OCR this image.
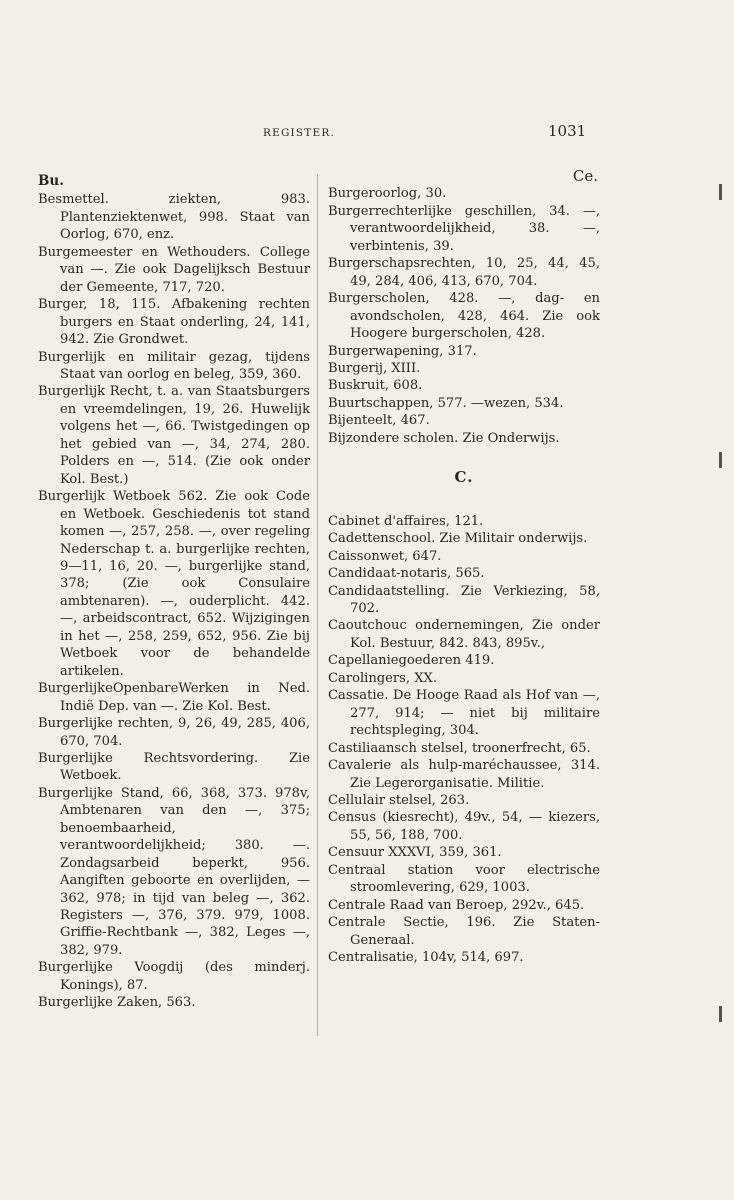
REGISTER.	1031

Bu.

Besmettel. ziekten, 983. Plantenziektenwet, 998. Staat van Oorlog, 670, enz.

Burgemeester en Wethouders. College van —. Zie ook Dagelijksch Bestuur der Gemeente, 717, 720.

Burger, 18, 115. Afbakening rechten burgers en Staat onderling, 24, 141, 942. Zie Grondwet.

Burgerlijk en militair gezag, tijdens Staat van oorlog en beleg, 359, 360.

Burgerlijk Recht, t. a. van Staatsburgers en vreemdelingen, 19, 26. Huwelijk volgens het —, 66. Twistgedingen op het gebied van —, 34, 274, 280. Polders en —, 514. (Zie ook onder Kol. Best.)

Burgerlijk Wetboek 562. Zie ook Code en Wetboek. Geschiedenis tot stand komen —, 257, 258. —, over regeling Nederschap t. a. burgerlijke rechten, 9—11, 16, 20. —, burgerlijke stand, 378; (Zie ook Consulaire ambtenaren). —, ouderplicht. 442. —, arbeidscontract, 652. Wijzigingen in het —, 258, 259, 652, 956. Zie bij Wetboek voor de behandelde artikelen.

BurgerlijkeOpenbareWerken in Ned. Indië Dep. van —. Zie Kol. Best.

Burgerlijke rechten, 9, 26, 49, 285, 406, 670, 704.

Burgerlijke Rechtsvordering. Zie Wetboek.

Burgerlijke Stand, 66, 368, 373. 978v, Ambtenaren van den —, 375; benoembaarheid, verantwoordelijkheid; 380. —. Zondagsarbeid beperkt, 956. Aangiften geboorte en overlijden, — 362, 978; in tijd van beleg —, 362. Registers —, 376, 379. 979, 1008. Griffie-Rechtbank —, 382, Leges —, 382, 979.

Burgerlijke Voogdij (des minderj. Konings), 87.

Burgerlijke Zaken, 563.

Ce.

Burgeroorlog, 30.

Burgerrechterlijke geschillen, 34. —, verantwoordelijkheid, 38. —, verbintenis, 39.

Burgerschapsrechten, 10, 25, 44, 45, 49, 284, 406, 413, 670, 704.

Burgerscholen, 428. —, dag- en avondscholen, 428, 464. Zie ook Hoogere burgerscholen, 428.

Burgerwapening, 317.

Burgerij, XIII.

Buskruit, 608.

Buurtschappen, 577. —wezen, 534.

Bijenteelt, 467.

Bijzondere scholen. Zie Onderwijs.

C.

Cabinet d'affaires, 121.

Cadettenschool. Zie Militair onderwijs.

Caissonwet, 647.

Candidaat-notaris, 565.

Candidaatstelling. Zie Verkiezing, 58, 702.

Caoutchouc ondernemingen, Zie onder Kol. Bestuur, 842. 843, 895v.,

Capellaniegoederen 419.

Carolingers, XX.

Cassatie. De Hooge Raad als Hof van —, 277, 914; — niet bij militaire rechtspleging, 304.

Castiliaansch stelsel, troonerfrecht, 65.

Cavalerie als hulp-maréchaussee, 314. Zie Legerorganisatie. Militie.

Cellulair stelsel, 263.

Census (kiesrecht), 49v., 54, — kiezers, 55, 56, 188, 700.

Censuur XXXVI, 359, 361.

Centraal station voor electrische stroomlevering, 629, 1003.

Centrale Raad van Beroep, 292v., 645.

Centrale Sectie, 196. Zie Staten-Generaal.

Centralisatie, 104v, 514, 697.
